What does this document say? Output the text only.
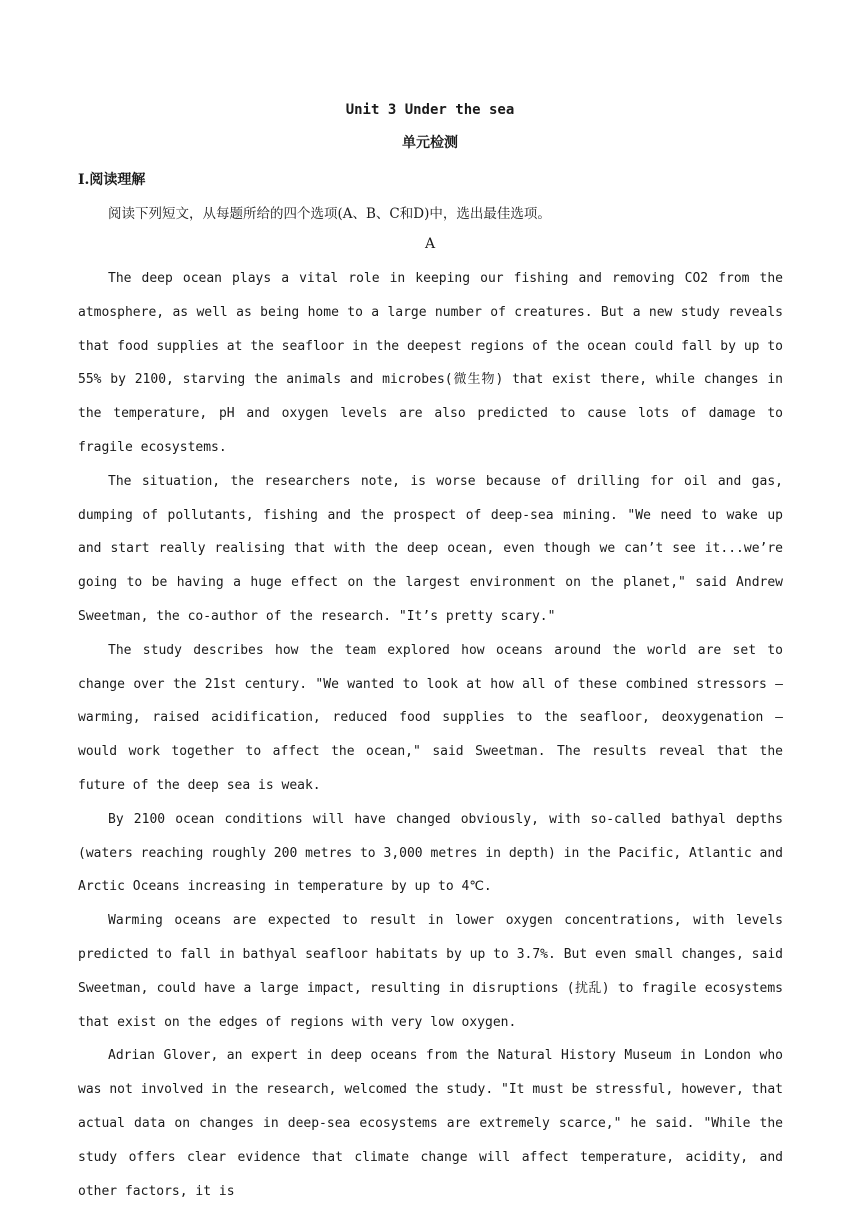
Unit 3 Under the sea
单元检测
Ⅰ.阅读理解
阅读下列短文，从每题所给的四个选项(A、B、C和D)中，选出最佳选项。
A

The deep ocean plays a vital role in keeping our fishing and removing CO2 from the atmosphere, as well as being home to a large number of creatures. But a new study reveals that food supplies at the seafloor in the deepest regions of the ocean could fall by up to 55% by 2100, starving the animals and microbes(微生物) that exist there, while changes in the temperature, pH and oxygen levels are also predicted to cause lots of damage to fragile ecosystems.

The situation, the researchers note, is worse because of drilling for oil and gas, dumping of pollutants, fishing and the prospect of deep-sea mining. "We need to wake up and start really realising that with the deep ocean, even though we can’t see it...we’re going to be having a huge effect on the largest environment on the planet," said Andrew Sweetman, the co-author of the research. "It’s pretty scary."

The study describes how the team explored how oceans around the world are set to change over the 21st century. "We wanted to look at how all of these combined stressors — warming, raised acidification, reduced food supplies to the seafloor, deoxygenation — would work together to affect the ocean," said Sweetman. The results reveal that the future of the deep sea is weak.

By 2100 ocean conditions will have changed obviously, with so-called bathyal depths (waters reaching roughly 200 metres to 3,000 metres in depth) in the Pacific, Atlantic and Arctic Oceans increasing in temperature by up to 4℃.

Warming oceans are expected to result in lower oxygen concentrations, with levels predicted to fall in bathyal seafloor habitats by up to 3.7%. But even small changes, said Sweetman, could have a large impact, resulting in disruptions (扰乱) to fragile ecosystems that exist on the edges of regions with very low oxygen.

Adrian Glover, an expert in deep oceans from the Natural History Museum in London who was not involved in the research, welcomed the study. "It must be stressful, however, that actual data on changes in deep-sea ecosystems are extremely scarce," he said. "While the study offers clear evidence that climate change will affect temperature, acidity, and other factors, it is
